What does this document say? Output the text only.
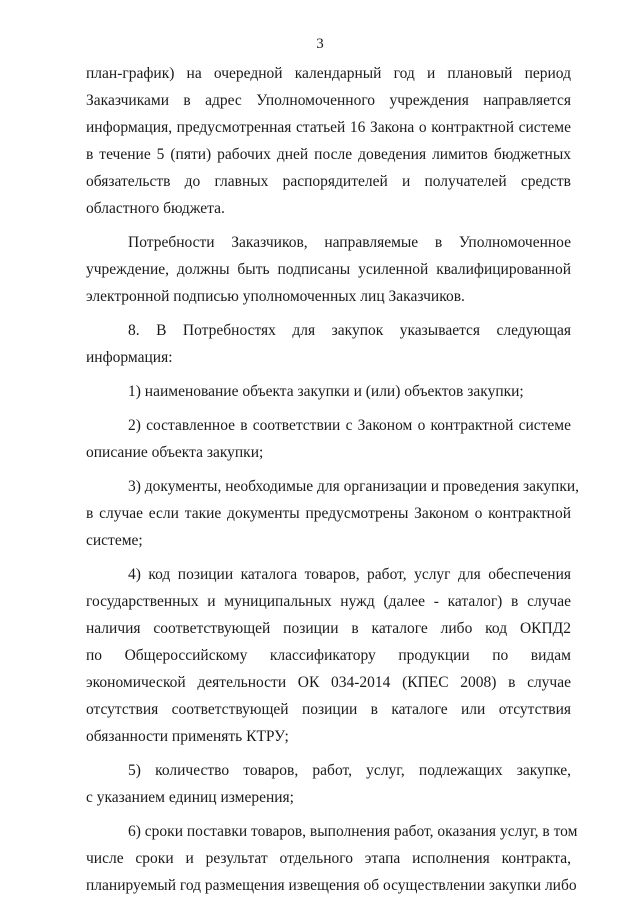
3
план-график) на очередной календарный год и плановый период
Заказчиками в адрес Уполномоченного учреждения направляется
информация, предусмотренная статьей 16 Закона о контрактной системе
в течение 5 (пяти) рабочих дней после доведения лимитов бюджетных
обязательств до главных распорядителей и получателей средств
областного бюджета.
Потребности Заказчиков, направляемые в Уполномоченное
учреждение, должны быть подписаны усиленной квалифицированной
электронной подписью уполномоченных лиц Заказчиков.
8. В Потребностях для закупок указывается следующая
информация:
1) наименование объекта закупки и (или) объектов закупки;
2) составленное в соответствии с Законом о контрактной системе
описание объекта закупки;
3) документы, необходимые для организации и проведения закупки,
в случае если такие документы предусмотрены Законом о контрактной
системе;
4) код позиции каталога товаров, работ, услуг для обеспечения
государственных и муниципальных нужд (далее - каталог) в случае
наличия соответствующей позиции в каталоге либо код ОКПД2
по Общероссийскому классификатору продукции по видам
экономической деятельности ОК 034-2014 (КПЕС 2008) в случае
отсутствия соответствующей позиции в каталоге или отсутствия
обязанности применять КТРУ;
5) количество товаров, работ, услуг, подлежащих закупке,
с указанием единиц измерения;
6) сроки поставки товаров, выполнения работ, оказания услуг, в том
числе сроки и результат отдельного этапа исполнения контракта,
планируемый год размещения извещения об осуществлении закупки либо
